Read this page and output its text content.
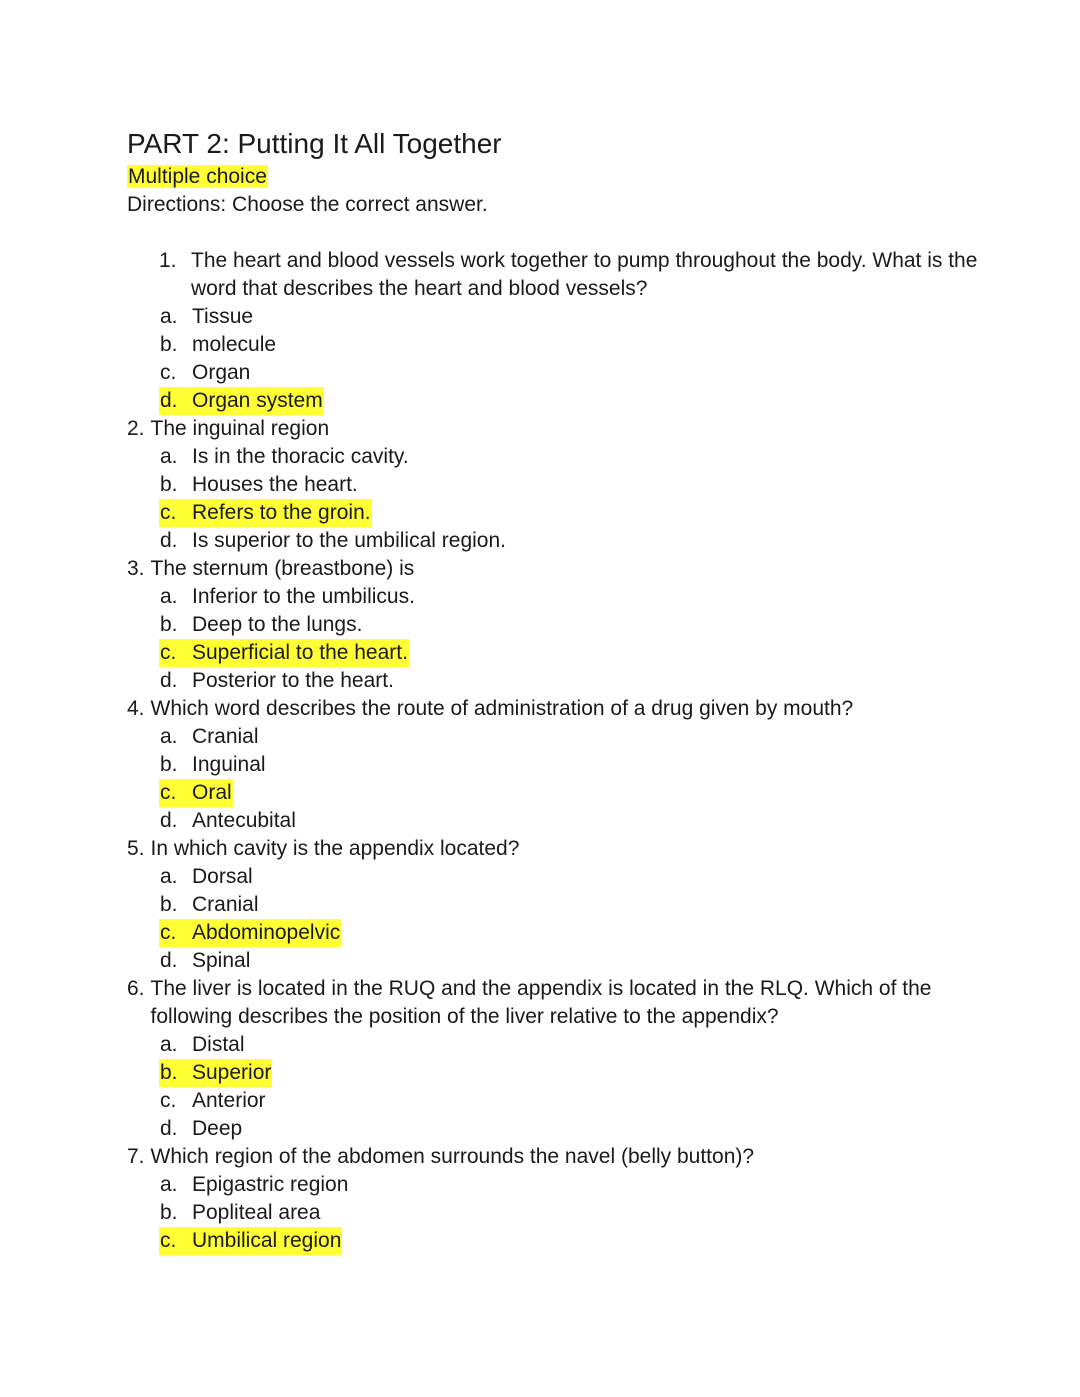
PART 2: Putting It All Together
Multiple choice
Directions: Choose the correct answer.
1. The heart and blood vessels work together to pump throughout the body. What is the word that describes the heart and blood vessels?
a. Tissue
b. molecule
c. Organ
d. Organ system
2. The inguinal region
a. Is in the thoracic cavity.
b. Houses the heart.
c. Refers to the groin.
d. Is superior to the umbilical region.
3. The sternum (breastbone) is
a. Inferior to the umbilicus.
b. Deep to the lungs.
c. Superficial to the heart.
d. Posterior to the heart.
4. Which word describes the route of administration of a drug given by mouth?
a. Cranial
b. Inguinal
c. Oral
d. Antecubital
5. In which cavity is the appendix located?
a. Dorsal
b. Cranial
c. Abdominopelvic
d. Spinal
6. The liver is located in the RUQ and the appendix is located in the RLQ. Which of the following describes the position of the liver relative to the appendix?
a. Distal
b. Superior
c. Anterior
d. Deep
7. Which region of the abdomen surrounds the navel (belly button)?
a. Epigastric region
b. Popliteal area
c. Umbilical region
